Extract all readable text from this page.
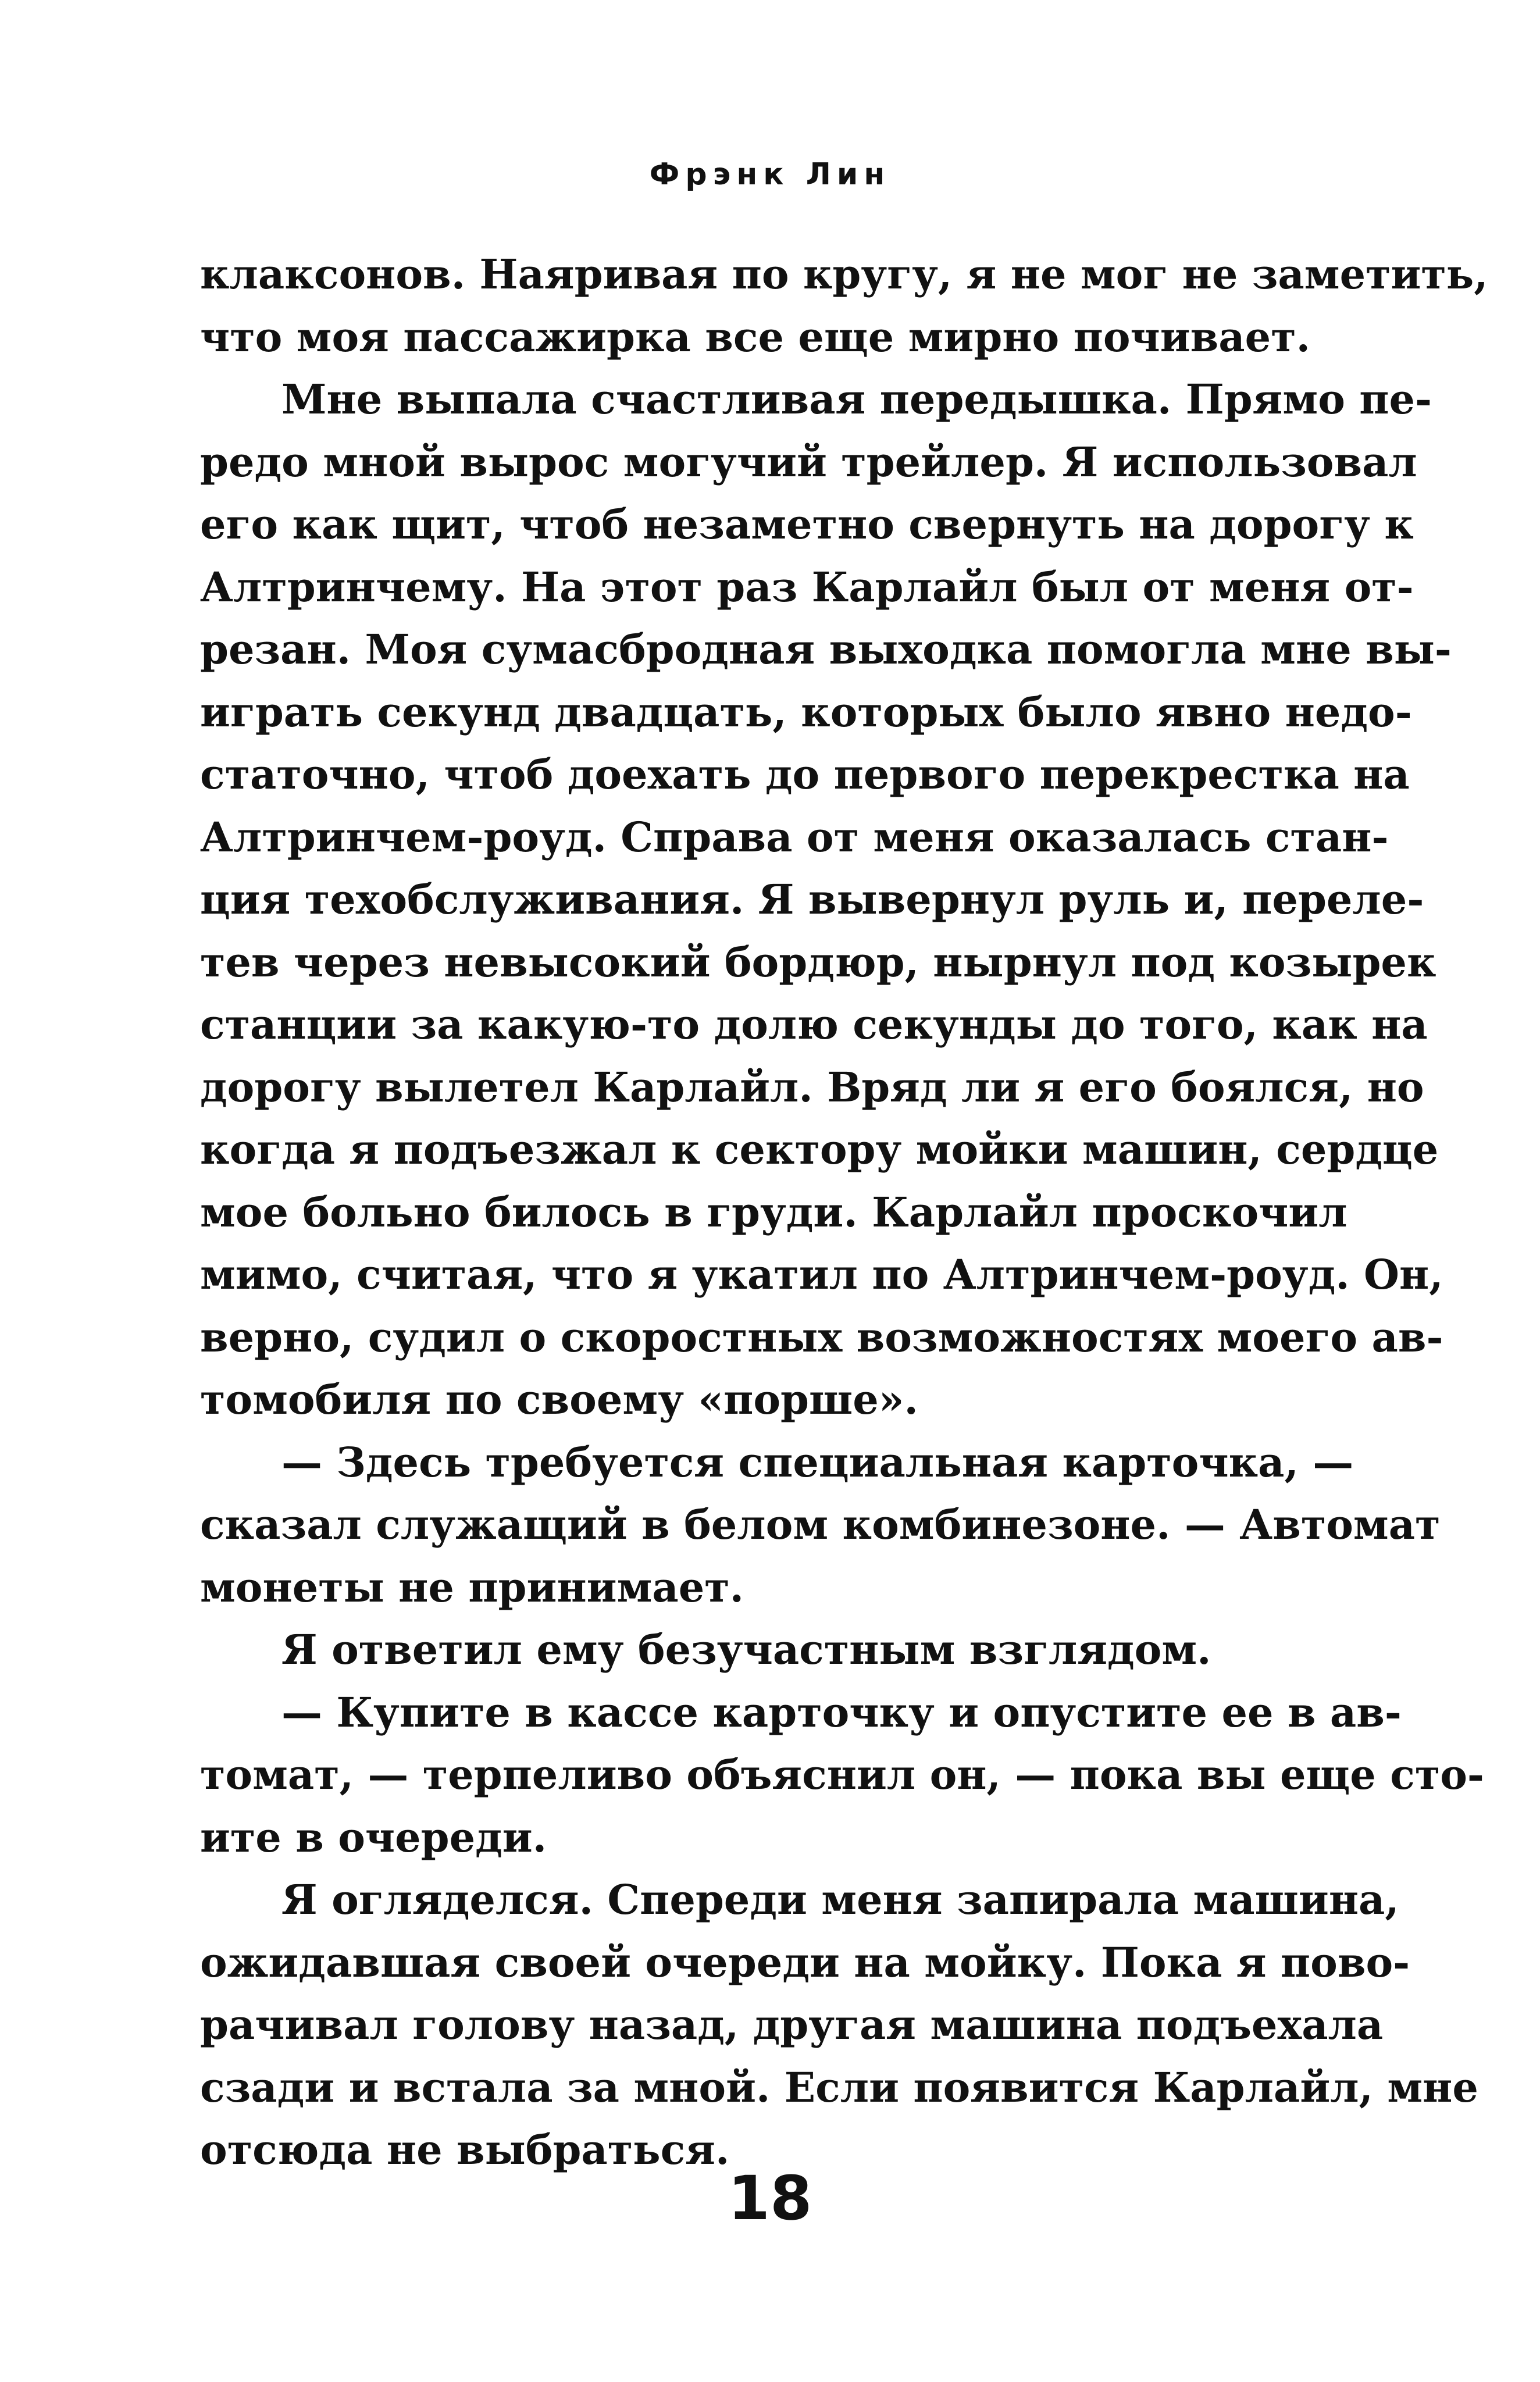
Фрэнк Лин
клаксонов. Наяривая по кругу, я не мог не заметить,
что моя пассажирка все еще мирно почивает.
Мне выпала счастливая передышка. Прямо пе-
редо мной вырос могучий трейлер. Я использовал
его как щит, чтоб незаметно свернуть на дорогу к
Алтринчему. На этот раз Карлайл был от меня от-
резан. Моя сумасбродная выходка помогла мне вы-
играть секунд двадцать, которых было явно недо-
статочно, чтоб доехать до первого перекрестка на
Алтринчем-роуд. Справа от меня оказалась стан-
ция техобслуживания. Я вывернул руль и, переле-
тев через невысокий бордюр, нырнул под козырек
станции за какую-то долю секунды до того, как на
дорогу вылетел Карлайл. Вряд ли я его боялся, но
когда я подъезжал к сектору мойки машин, сердце
мое больно билось в груди. Карлайл проскочил
мимо, считая, что я укатил по Алтринчем-роуд. Он,
верно, судил о скоростных возможностях моего ав-
томобиля по своему «порше».
— Здесь требуется специальная карточка, —
сказал служащий в белом комбинезоне. — Автомат
монеты не принимает.
Я ответил ему безучастным взглядом.
— Купите в кассе карточку и опустите ее в ав-
томат, — терпеливо объяснил он, — пока вы еще сто-
ите в очереди.
Я огляделся. Спереди меня запирала машина,
ожидавшая своей очереди на мойку. Пока я пово-
рачивал голову назад, другая машина подъехала
сзади и встала за мной. Если появится Карлайл, мне
отсюда не выбраться.
18
